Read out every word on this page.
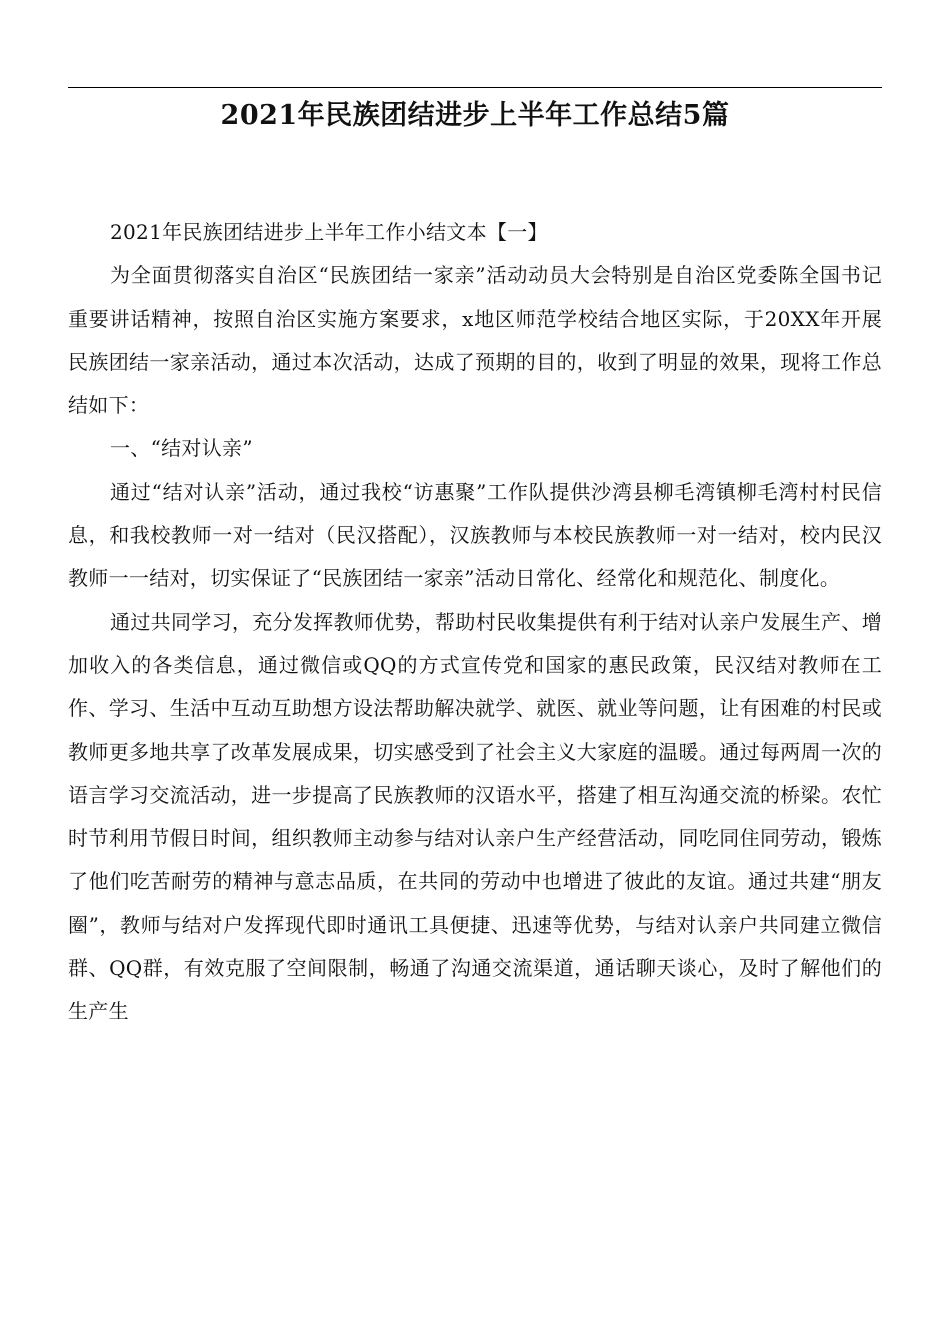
2021年民族团结进步上半年工作总结5篇

2021年民族团结进步上半年工作小结文本【一】

为全面贯彻落实自治区“民族团结一家亲”活动动员大会特别是自治区党委陈全国书记重要讲话精神，按照自治区实施方案要求，x地区师范学校结合地区实际，于20XX年开展民族团结一家亲活动，通过本次活动，达成了预期的目的，收到了明显的效果，现将工作总结如下：

一、“结对认亲”

通过“结对认亲”活动，通过我校“访惠聚”工作队提供沙湾县柳毛湾镇柳毛湾村村民信息，和我校教师一对一结对（民汉搭配），汉族教师与本校民族教师一对一结对，校内民汉教师一一结对，切实保证了“民族团结一家亲”活动日常化、经常化和规范化、制度化。

通过共同学习，充分发挥教师优势，帮助村民收集提供有利于结对认亲户发展生产、增加收入的各类信息，通过微信或QQ的方式宣传党和国家的惠民政策，民汉结对教师在工作、学习、生活中互动互助想方设法帮助解决就学、就医、就业等问题，让有困难的村民或教师更多地共享了改革发展成果，切实感受到了社会主义大家庭的温暖。通过每两周一次的语言学习交流活动，进一步提高了民族教师的汉语水平，搭建了相互沟通交流的桥梁。农忙时节利用节假日时间，组织教师主动参与结对认亲户生产经营活动，同吃同住同劳动，锻炼了他们吃苦耐劳的精神与意志品质，在共同的劳动中也增进了彼此的友谊。通过共建“朋友圈”，教师与结对户发挥现代即时通讯工具便捷、迅速等优势，与结对认亲户共同建立微信群、QQ群，有效克服了空间限制，畅通了沟通交流渠道，通话聊天谈心，及时了解他们的生产生
